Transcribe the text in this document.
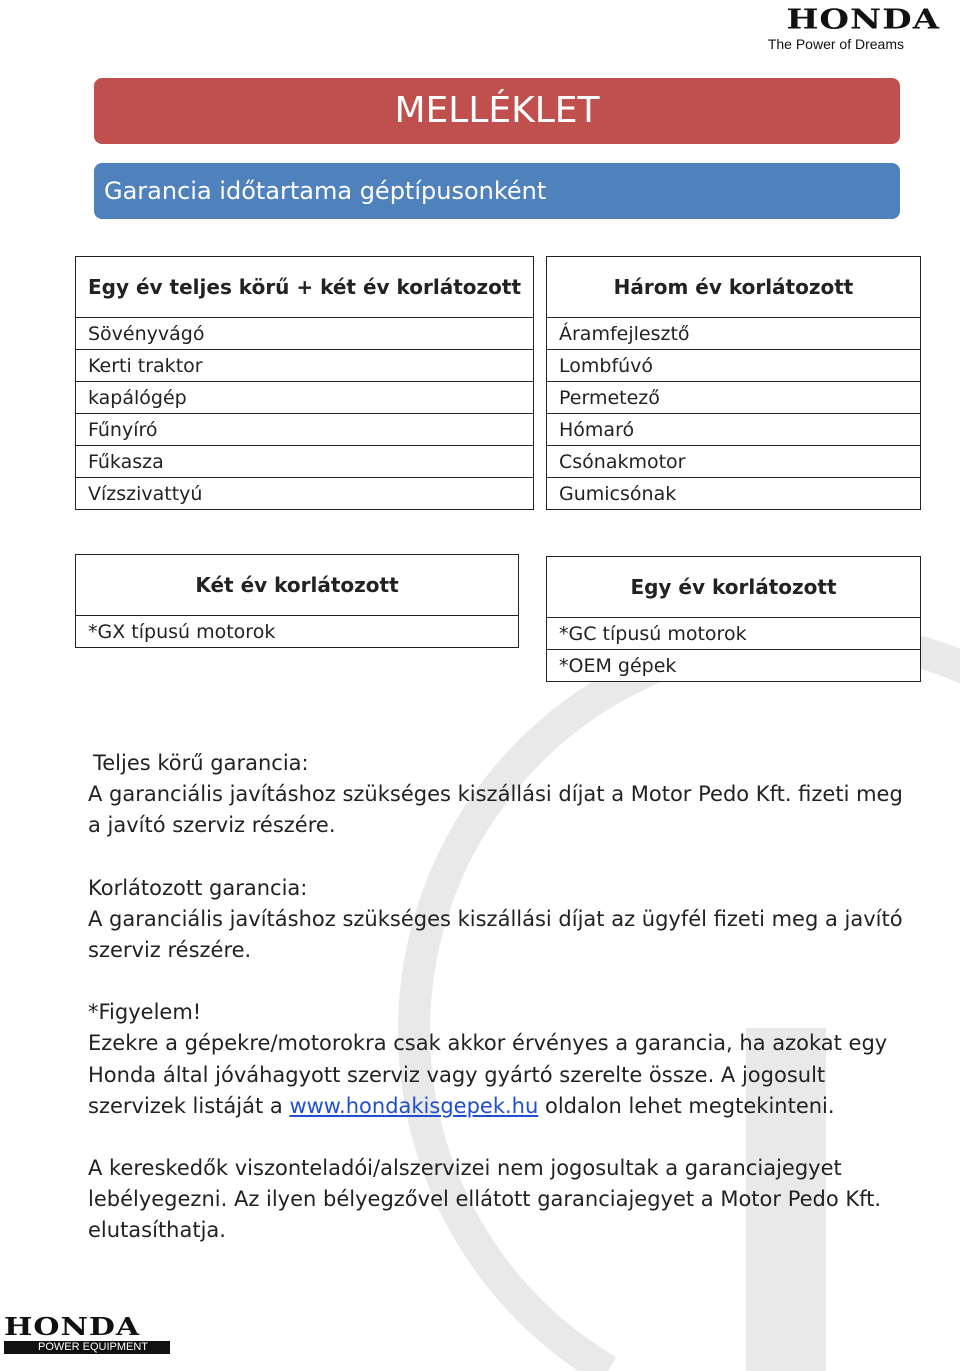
HONDA
The Power of Dreams
MELLÉKLET
Garancia időtartama géptípusonként
Egy év teljes körű + két év korlátozott
Sövényvágó
Kerti traktor
kapálógép
Fűnyíró
Fűkasza
Vízszivattyú
Három év korlátozott
Áramfejlesztő
Lombfúvó
Permetező
Hómaró
Csónakmotor
Gumicsónak
Két év korlátozott
*GX típusú motorok
Egy év korlátozott
*GC típusú motorok
*OEM gépek

Teljes körű garancia:
A garanciális javításhoz szükséges kiszállási díjat a Motor Pedo Kft. fizeti meg a javító szerviz részére.

Korlátozott garancia:
A garanciális javításhoz szükséges kiszállási díjat az ügyfél fizeti meg a javító szerviz részére.

*Figyelem!
Ezekre a gépekre/motorokra csak akkor érvényes a garancia, ha azokat egy Honda által jóváhagyott szerviz vagy gyártó szerelte össze. A jogosult szervizek listáját a www.hondakisgepek.hu oldalon lehet megtekinteni.

A kereskedők viszonteladói/alszervizei nem jogosultak a garanciajegyet lebélyegezni. Az ilyen bélyegzővel ellátott garanciajegyet a Motor Pedo Kft. elutasíthatja.

HONDA
POWER EQUIPMENT
